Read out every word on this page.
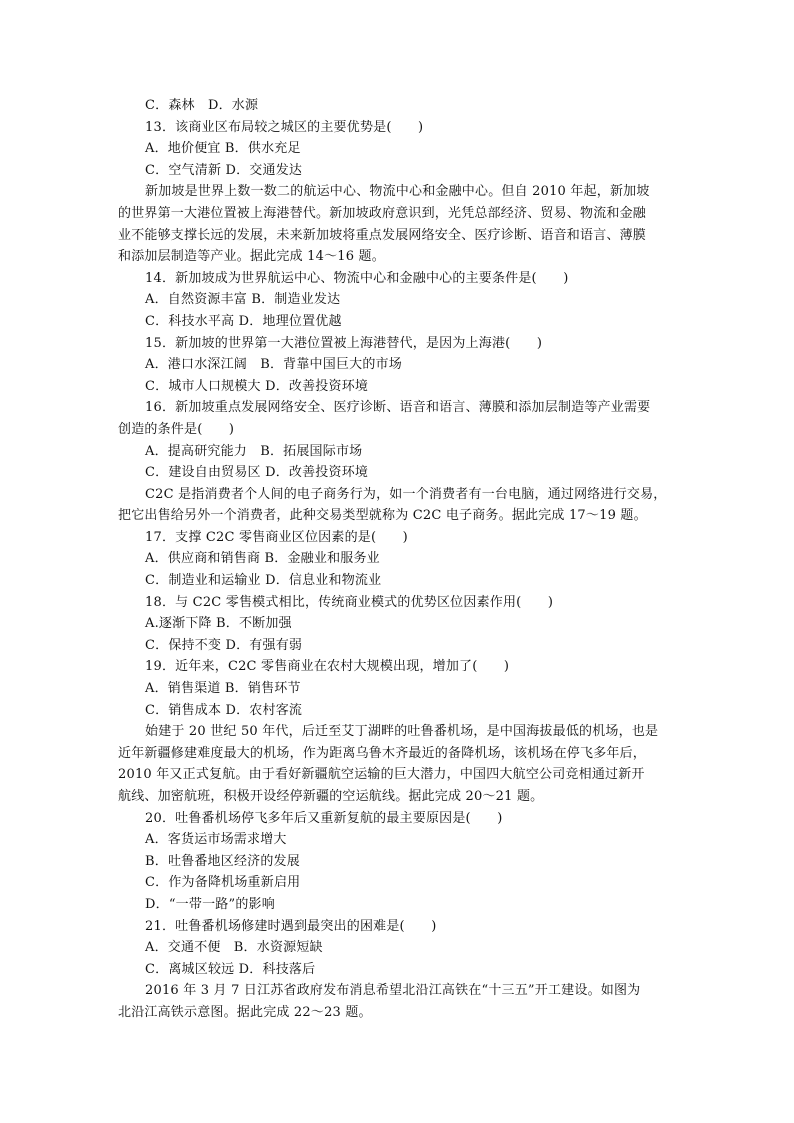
C．森林　D．水源
13．该商业区布局较之城区的主要优势是(　　)
A．地价便宜 B．供水充足
C．空气清新 D．交通发达
新加坡是世界上数一数二的航运中心、物流中心和金融中心。但自 2010 年起，新加坡
的世界第一大港位置被上海港替代。新加坡政府意识到，光凭总部经济、贸易、物流和金融
业不能够支撑长远的发展，未来新加坡将重点发展网络安全、医疗诊断、语音和语言、薄膜
和添加层制造等产业。据此完成 14～16 题。
14．新加坡成为世界航运中心、物流中心和金融中心的主要条件是(　　)
A．自然资源丰富 B．制造业发达
C．科技水平高 D．地理位置优越
15．新加坡的世界第一大港位置被上海港替代，是因为上海港(　　)
A．港口水深江阔　B．背靠中国巨大的市场
C．城市人口规模大 D．改善投资环境
16．新加坡重点发展网络安全、医疗诊断、语音和语言、薄膜和添加层制造等产业需要
创造的条件是(　　)
A．提高研究能力　B．拓展国际市场
C．建设自由贸易区 D．改善投资环境
C2C 是指消费者个人间的电子商务行为，如一个消费者有一台电脑，通过网络进行交易，
把它出售给另外一个消费者，此种交易类型就称为 C2C 电子商务。据此完成 17～19 题。
17．支撑 C2C 零售商业区位因素的是(　　)
A．供应商和销售商 B．金融业和服务业
C．制造业和运输业 D．信息业和物流业
18．与 C2C 零售模式相比，传统商业模式的优势区位因素作用(　　)
A.逐渐下降 B．不断加强
C．保持不变 D．有强有弱
19．近年来，C2C 零售商业在农村大规模出现，增加了(　　)
A．销售渠道 B．销售环节
C．销售成本 D．农村客流
始建于 20 世纪 50 年代，后迁至艾丁湖畔的吐鲁番机场，是中国海拔最低的机场，也是
近年新疆修建难度最大的机场，作为距离乌鲁木齐最近的备降机场，该机场在停飞多年后，
2010 年又正式复航。由于看好新疆航空运输的巨大潜力，中国四大航空公司竞相通过新开
航线、加密航班，积极开设经停新疆的空运航线。据此完成 20～21 题。
20．吐鲁番机场停飞多年后又重新复航的最主要原因是(　　)
A．客货运市场需求增大
B．吐鲁番地区经济的发展
C．作为备降机场重新启用
D．“一带一路”的影响
21．吐鲁番机场修建时遇到最突出的困难是(　　)
A．交通不便　B．水资源短缺
C．离城区较远 D．科技落后
2016 年 3 月 7 日江苏省政府发布消息希望北沿江高铁在“十三五”开工建设。如图为
北沿江高铁示意图。据此完成 22～23 题。
